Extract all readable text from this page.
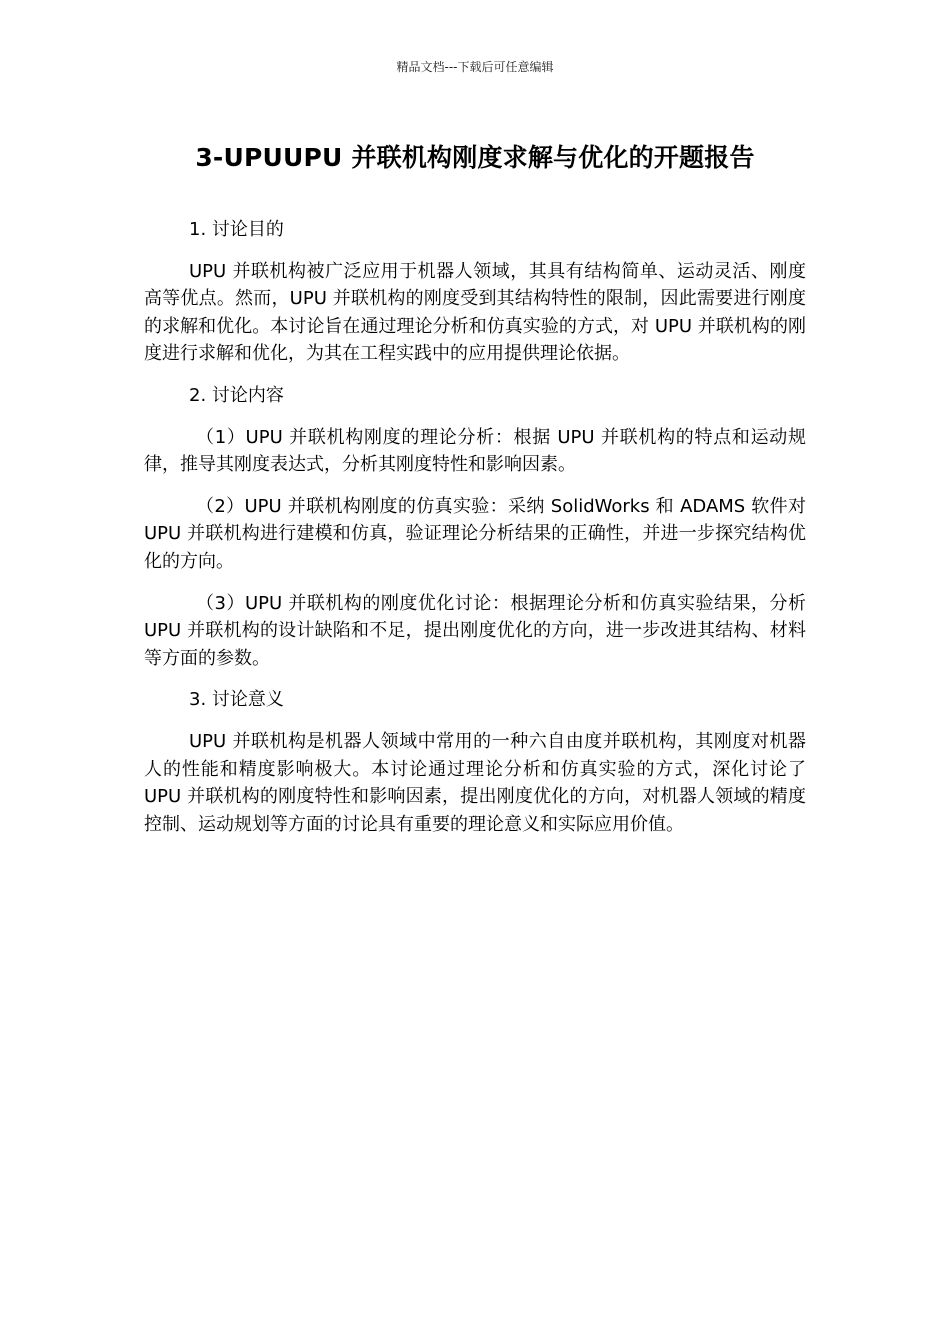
精品文档---下载后可任意编辑
3-UPUUPU 并联机构刚度求解与优化的开题报告
1. 讨论目的

UPU 并联机构被广泛应用于机器人领域，其具有结构简单、运动灵活、刚度高等优点。然而，UPU 并联机构的刚度受到其结构特性的限制，因此需要进行刚度的求解和优化。本讨论旨在通过理论分析和仿真实验的方式，对 UPU 并联机构的刚度进行求解和优化，为其在工程实践中的应用提供理论依据。

2. 讨论内容

（1）UPU 并联机构刚度的理论分析：根据 UPU 并联机构的特点和运动规律，推导其刚度表达式，分析其刚度特性和影响因素。

（2）UPU 并联机构刚度的仿真实验：采纳 SolidWorks 和 ADAMS 软件对 UPU 并联机构进行建模和仿真，验证理论分析结果的正确性，并进一步探究结构优化的方向。

（3）UPU 并联机构的刚度优化讨论：根据理论分析和仿真实验结果，分析 UPU 并联机构的设计缺陷和不足，提出刚度优化的方向，进一步改进其结构、材料等方面的参数。

3. 讨论意义

UPU 并联机构是机器人领域中常用的一种六自由度并联机构，其刚度对机器人的性能和精度影响极大。本讨论通过理论分析和仿真实验的方式，深化讨论了 UPU 并联机构的刚度特性和影响因素，提出刚度优化的方向，对机器人领域的精度控制、运动规划等方面的讨论具有重要的理论意义和实际应用价值。
